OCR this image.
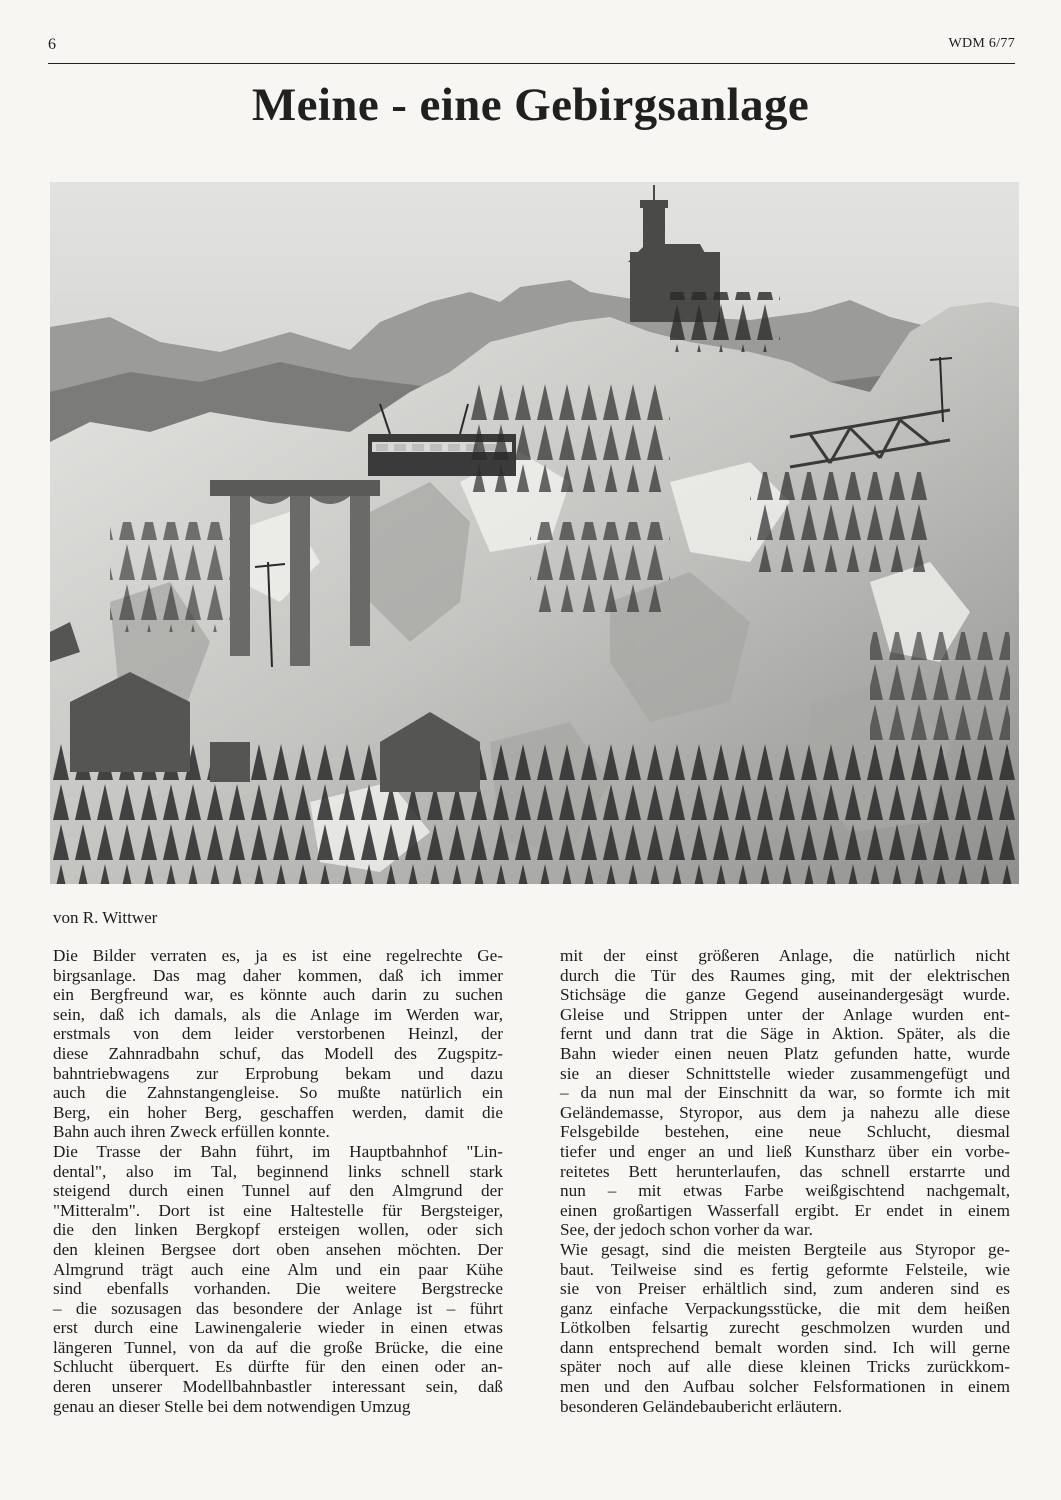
6	WDM 6/77
Meine - eine Gebirgsanlage
von R. Wittwer
Die Bilder verraten es, ja es ist eine regelrechte Ge-
birgsanlage. Das mag daher kommen, daß ich immer
ein Bergfreund war, es könnte auch darin zu suchen
sein, daß ich damals, als die Anlage im Werden war,
erstmals von dem leider verstorbenen Heinzl, der
diese Zahnradbahn schuf, das Modell des Zugspitz-
bahntriebwagens zur Erprobung bekam und dazu
auch die Zahnstangengleise. So mußte natürlich ein
Berg, ein hoher Berg, geschaffen werden, damit die
Bahn auch ihren Zweck erfüllen konnte.
Die Trasse der Bahn führt, im Hauptbahnhof "Lin-
dental", also im Tal, beginnend links schnell stark
steigend durch einen Tunnel auf den Almgrund der
"Mitteralm". Dort ist eine Haltestelle für Bergsteiger,
die den linken Bergkopf ersteigen wollen, oder sich
den kleinen Bergsee dort oben ansehen möchten. Der
Almgrund trägt auch eine Alm und ein paar Kühe
sind ebenfalls vorhanden. Die weitere Bergstrecke
– die sozusagen das besondere der Anlage ist – führt
erst durch eine Lawinengalerie wieder in einen etwas
längeren Tunnel, von da auf die große Brücke, die eine
Schlucht überquert. Es dürfte für den einen oder an-
deren unserer Modellbahnbastler interessant sein, daß
genau an dieser Stelle bei dem notwendigen Umzug
mit der einst größeren Anlage, die natürlich nicht
durch die Tür des Raumes ging, mit der elektrischen
Stichsäge die ganze Gegend auseinandergesägt wurde.
Gleise und Strippen unter der Anlage wurden ent-
fernt und dann trat die Säge in Aktion. Später, als die
Bahn wieder einen neuen Platz gefunden hatte, wurde
sie an dieser Schnittstelle wieder zusammengefügt und
– da nun mal der Einschnitt da war, so formte ich mit
Geländemasse, Styropor, aus dem ja nahezu alle diese
Felsgebilde bestehen, eine neue Schlucht, diesmal
tiefer und enger an und ließ Kunstharz über ein vorbe-
reitetes Bett herunterlaufen, das schnell erstarrte und
nun – mit etwas Farbe weißgischtend nachgemalt,
einen großartigen Wasserfall ergibt. Er endet in einem
See, der jedoch schon vorher da war.
Wie gesagt, sind die meisten Bergteile aus Styropor ge-
baut. Teilweise sind es fertig geformte Felsteile, wie
sie von Preiser erhältlich sind, zum anderen sind es
ganz einfache Verpackungsstücke, die mit dem heißen
Lötkolben felsartig zurecht geschmolzen wurden und
dann entsprechend bemalt worden sind. Ich will gerne
später noch auf alle diese kleinen Tricks zurückkom-
men und den Aufbau solcher Felsformationen in einem
besonderen Geländebaubericht erläutern.
